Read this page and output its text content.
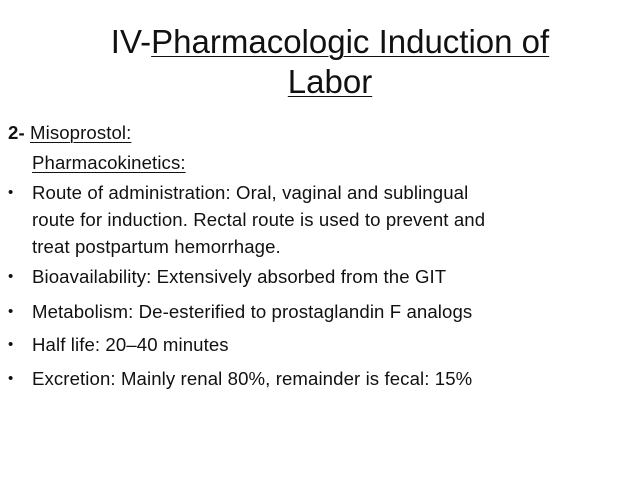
IV-Pharmacologic Induction of
Labor
2- Misoprostol:
Pharmacokinetics:
• Route of administration: Oral, vaginal and sublingual
route for induction. Rectal route is used to prevent and
treat postpartum hemorrhage.
• Bioavailability: Extensively absorbed from the GIT
• Metabolism: De-esterified to prostaglandin F analogs
• Half life: 20–40 minutes
• Excretion: Mainly renal 80%, remainder is fecal: 15%
